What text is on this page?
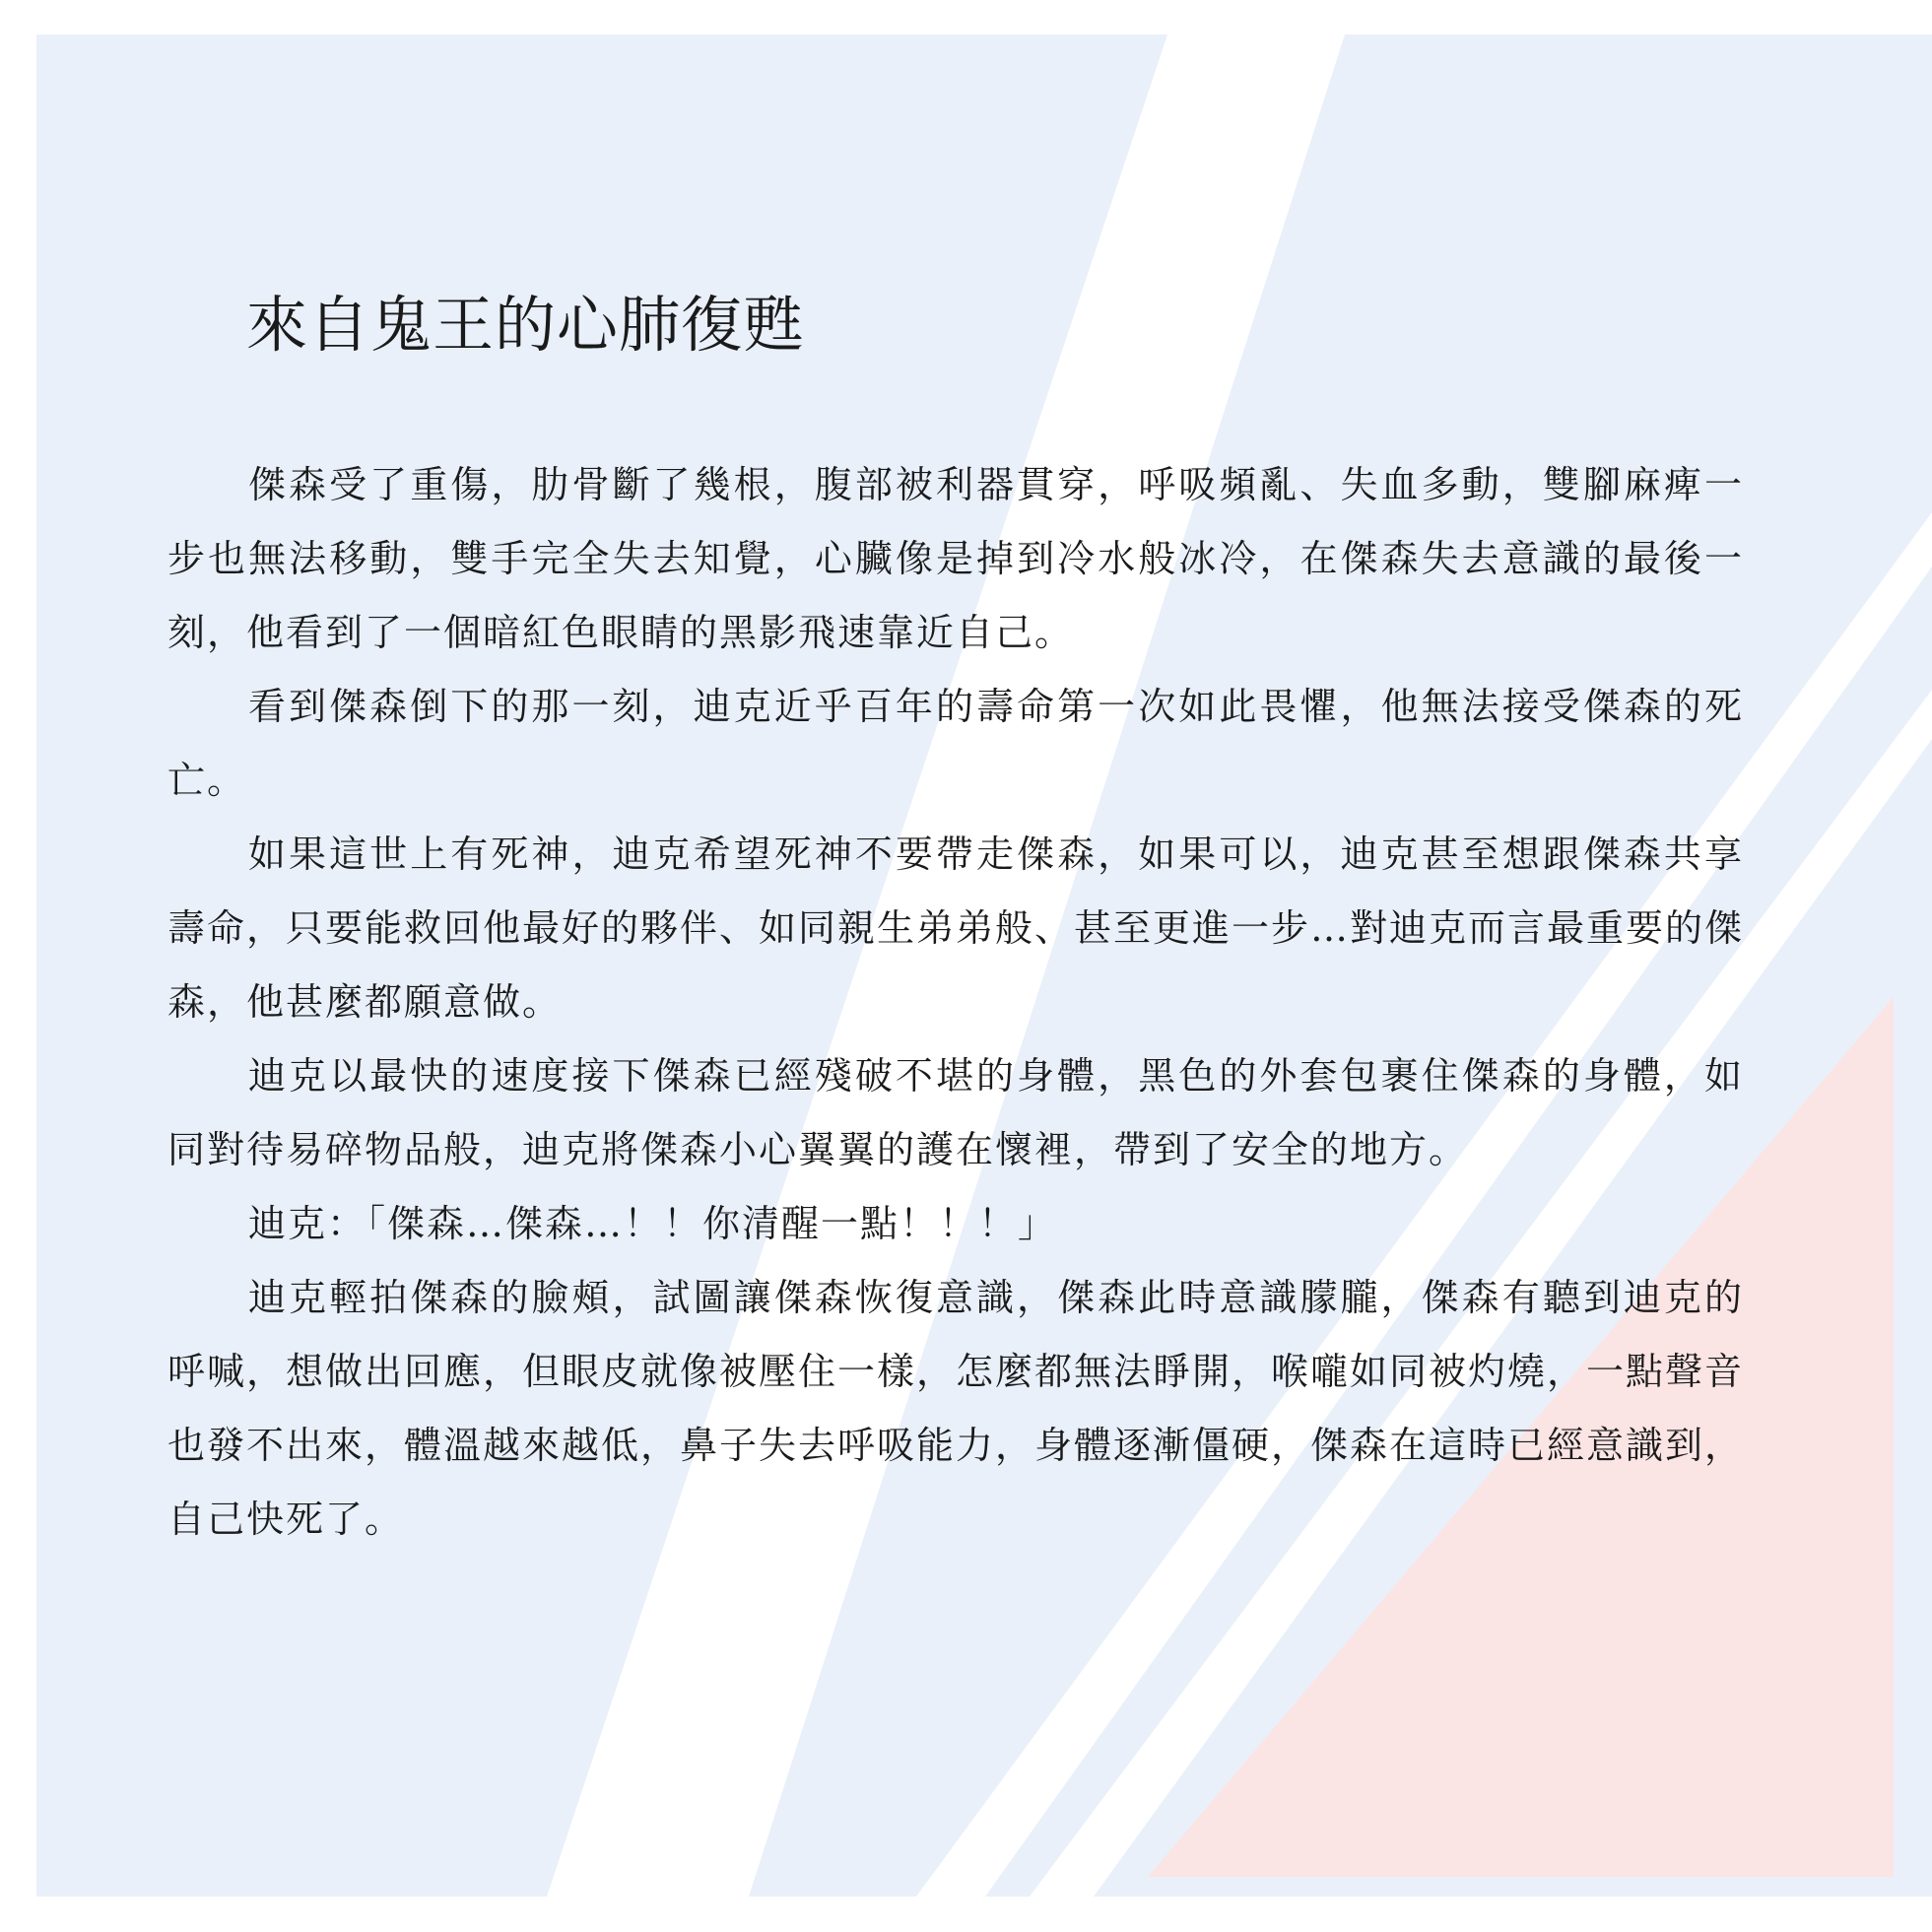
來自鬼王的心肺復甦

傑森受了重傷，肋骨斷了幾根，腹部被利器貫穿，呼吸頻亂、失血多動，雙腳麻痺一步也無法移動，雙手完全失去知覺，心臟像是掉到冷水般冰冷，在傑森失去意識的最後一刻，他看到了一個暗紅色眼睛的黑影飛速靠近自己。

看到傑森倒下的那一刻，迪克近乎百年的壽命第一次如此畏懼，他無法接受傑森的死亡。

如果這世上有死神，迪克希望死神不要帶走傑森，如果可以，迪克甚至想跟傑森共享壽命，只要能救回他最好的夥伴、如同親生弟弟般、甚至更進一步…對迪克而言最重要的傑森，他甚麼都願意做。

迪克以最快的速度接下傑森已經殘破不堪的身體，黑色的外套包裹住傑森的身體，如同對待易碎物品般，迪克將傑森小心翼翼的護在懷裡，帶到了安全的地方。

迪克：「傑森…傑森…！！你清醒一點！！！」

迪克輕拍傑森的臉頰，試圖讓傑森恢復意識，傑森此時意識朦朧，傑森有聽到迪克的呼喊，想做出回應，但眼皮就像被壓住一樣，怎麼都無法睜開，喉嚨如同被灼燒，一點聲音也發不出來，體溫越來越低，鼻子失去呼吸能力，身體逐漸僵硬，傑森在這時已經意識到，自己快死了。
